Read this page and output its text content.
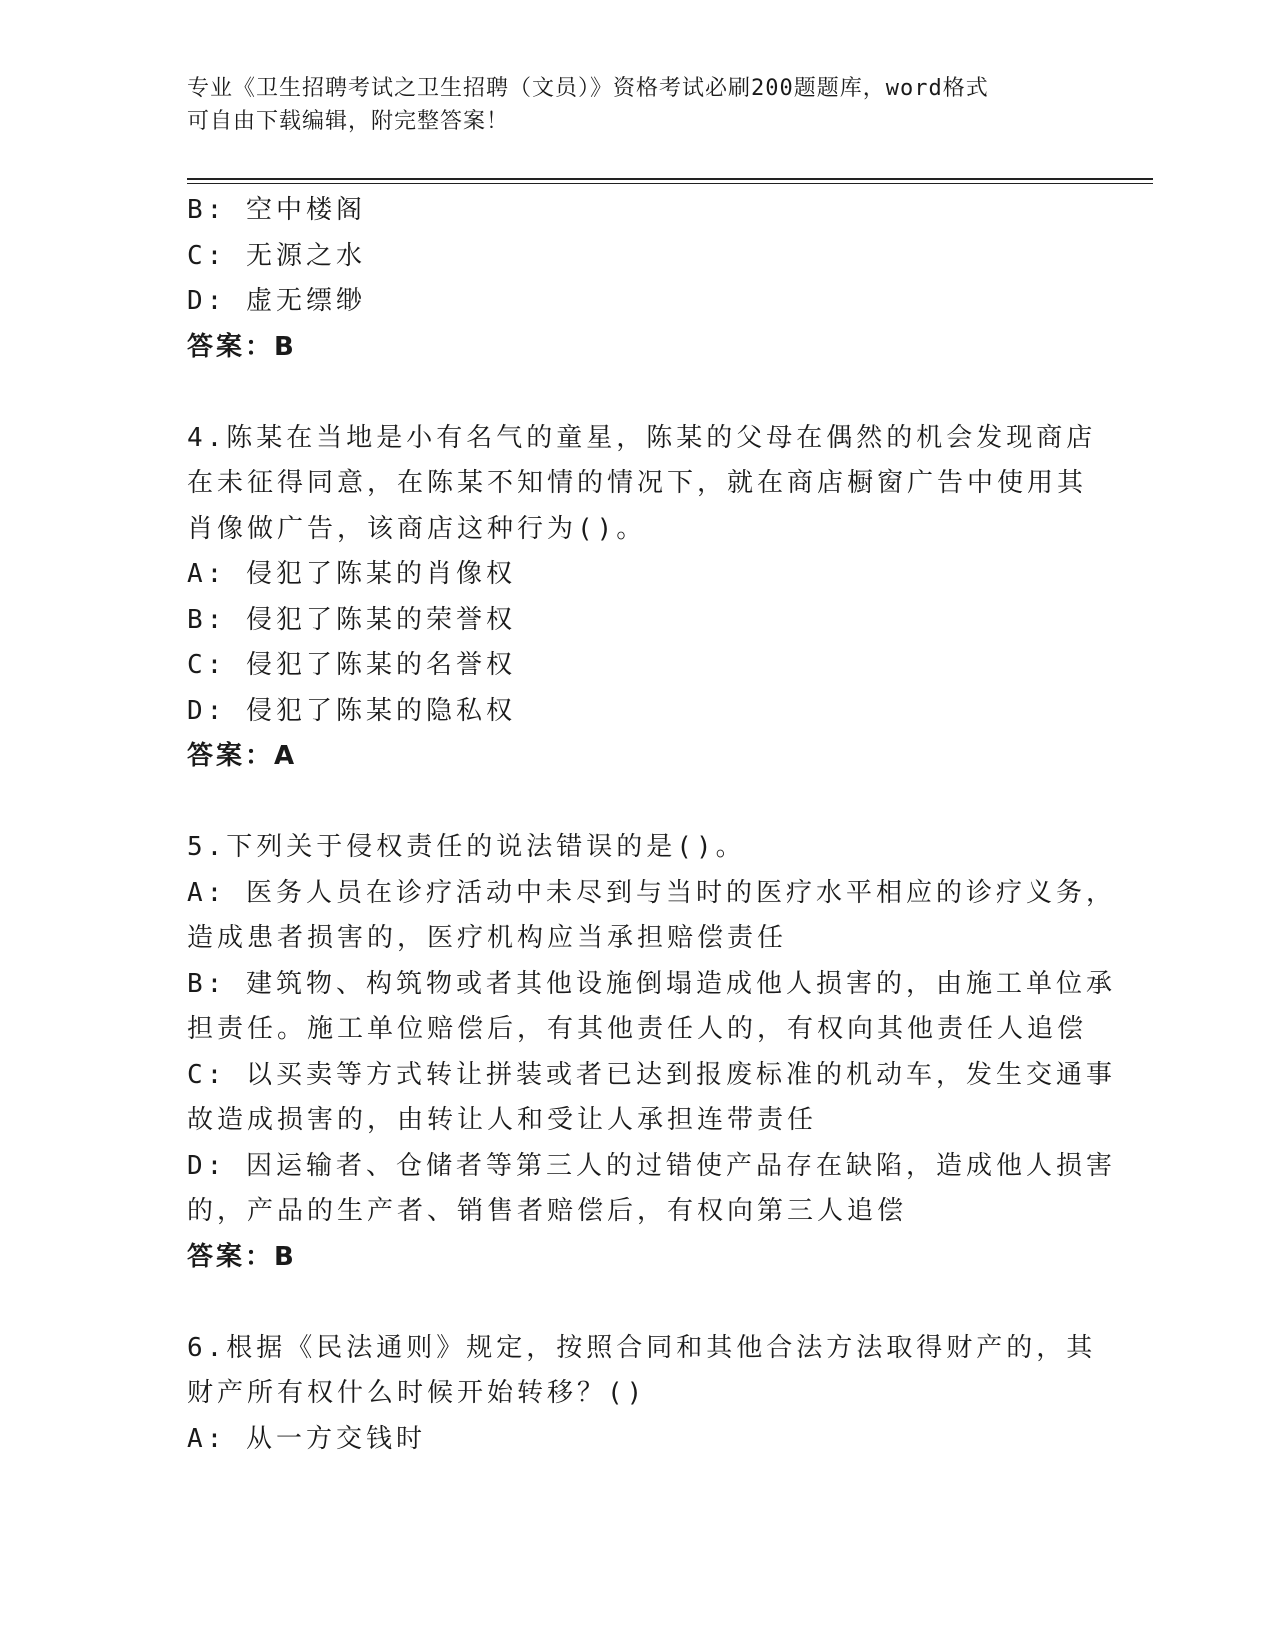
专业《卫生招聘考试之卫生招聘（文员）》资格考试必刷200题题库，word格式
可自由下载编辑，附完整答案！
B: 空中楼阁
C: 无源之水
D: 虚无缥缈
答案：B
4.陈某在当地是小有名气的童星，陈某的父母在偶然的机会发现商店
在未征得同意，在陈某不知情的情况下，就在商店橱窗广告中使用其
肖像做广告，该商店这种行为()。
A: 侵犯了陈某的肖像权
B: 侵犯了陈某的荣誉权
C: 侵犯了陈某的名誉权
D: 侵犯了陈某的隐私权
答案：A
5.下列关于侵权责任的说法错误的是()。
A: 医务人员在诊疗活动中未尽到与当时的医疗水平相应的诊疗义务，
造成患者损害的，医疗机构应当承担赔偿责任
B: 建筑物、构筑物或者其他设施倒塌造成他人损害的，由施工单位承
担责任。施工单位赔偿后，有其他责任人的，有权向其他责任人追偿
C: 以买卖等方式转让拼装或者已达到报废标准的机动车，发生交通事
故造成损害的，由转让人和受让人承担连带责任
D: 因运输者、仓储者等第三人的过错使产品存在缺陷，造成他人损害
的，产品的生产者、销售者赔偿后，有权向第三人追偿
答案：B
6.根据《民法通则》规定，按照合同和其他合法方法取得财产的，其
财产所有权什么时候开始转移？()
A: 从一方交钱时
